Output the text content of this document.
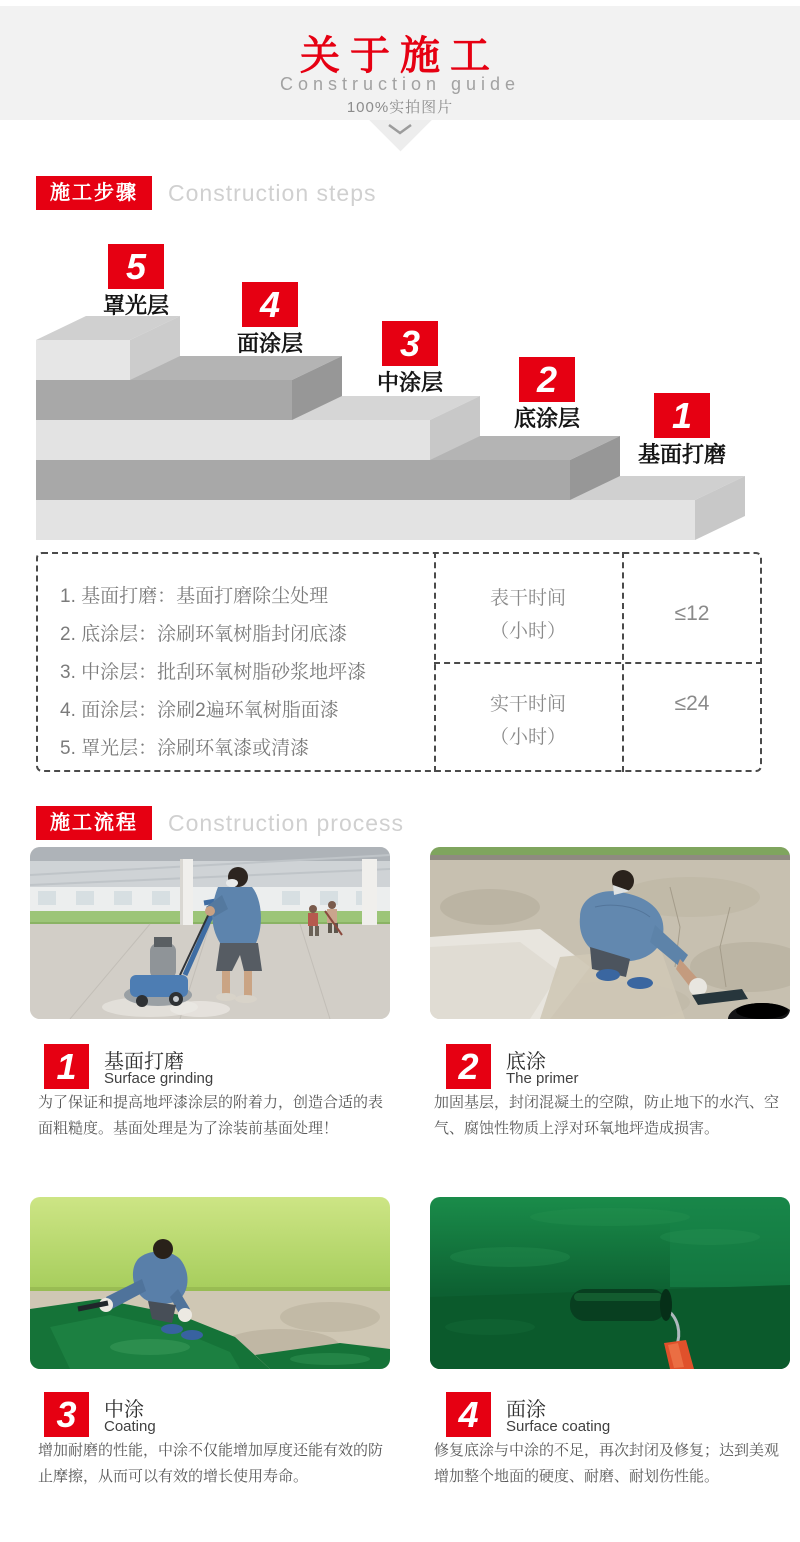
关于施工
Construction guide
100%实拍图片
施工步骤	Construction steps
5
罩光层	4
面涂层	3
中涂层	2
底涂层	1
基面打磨
1. 基面打磨：基面打磨除尘处理
2. 底涂层：涂刷环氧树脂封闭底漆
3. 中涂层：批刮环氧树脂砂浆地坪漆
4. 面涂层：涂刷2遍环氧树脂面漆
5. 罩光层：涂刷环氧漆或清漆
表干时间
（小时）
≤12
实干时间
（小时）
≤24
施工流程	Construction process
1	基面打磨
Surface grinding
为了保证和提高地坪漆涂层的附着力，创造合适的表面粗糙度。基面处理是为了涂装前基面处理！
2	底涂
The primer
加固基层，封闭混凝土的空隙，防止地下的水汽、空气、腐蚀性物质上浮对环氧地坪造成损害。
3	中涂
Coating
增加耐磨的性能，中涂不仅能增加厚度还能有效的防止摩擦，从而可以有效的增长使用寿命。
4	面涂
Surface coating
修复底涂与中涂的不足，再次封闭及修复；达到美观增加整个地面的硬度、耐磨、耐划伤性能。
